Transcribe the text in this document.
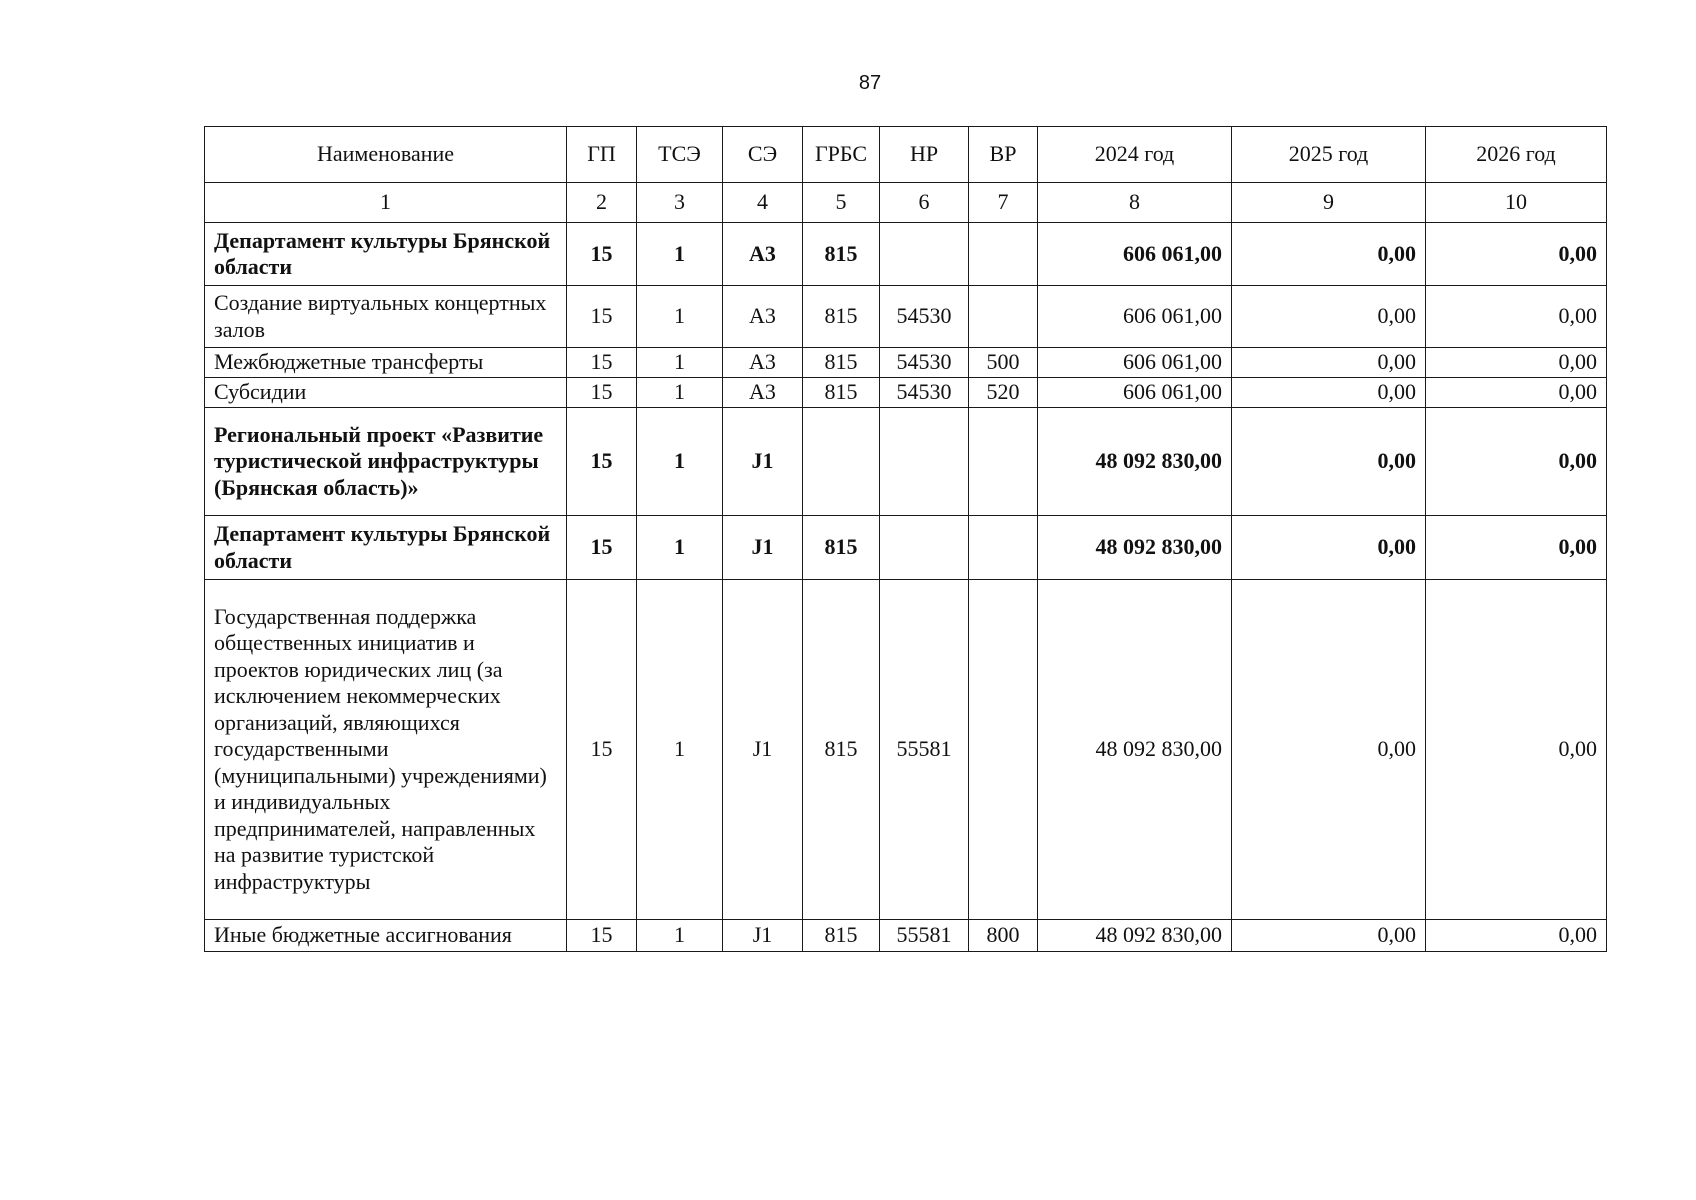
87
Наименование	ГП	ТСЭ	СЭ	ГРБС	НР	ВР	2024 год	2025 год	2026 год
1	2	3	4	5	6	7	8	9	10
Департамент культуры Брянской области	15	1	А3	815			606 061,00	0,00	0,00
Создание виртуальных концертных залов	15	1	А3	815	54530		606 061,00	0,00	0,00
Межбюджетные трансферты	15	1	А3	815	54530	500	606 061,00	0,00	0,00
Субсидии	15	1	А3	815	54530	520	606 061,00	0,00	0,00
Региональный проект «Развитие туристической инфраструктуры (Брянская область)»	15	1	J1				48 092 830,00	0,00	0,00
Департамент культуры Брянской области	15	1	J1	815			48 092 830,00	0,00	0,00
Государственная поддержка общественных инициатив и проектов юридических лиц (за исключением некоммерческих организаций, являющихся государственными (муниципальными) учреждениями) и индивидуальных предпринимателей, направленных на развитие туристской инфраструктуры	15	1	J1	815	55581		48 092 830,00	0,00	0,00
Иные бюджетные ассигнования	15	1	J1	815	55581	800	48 092 830,00	0,00	0,00
